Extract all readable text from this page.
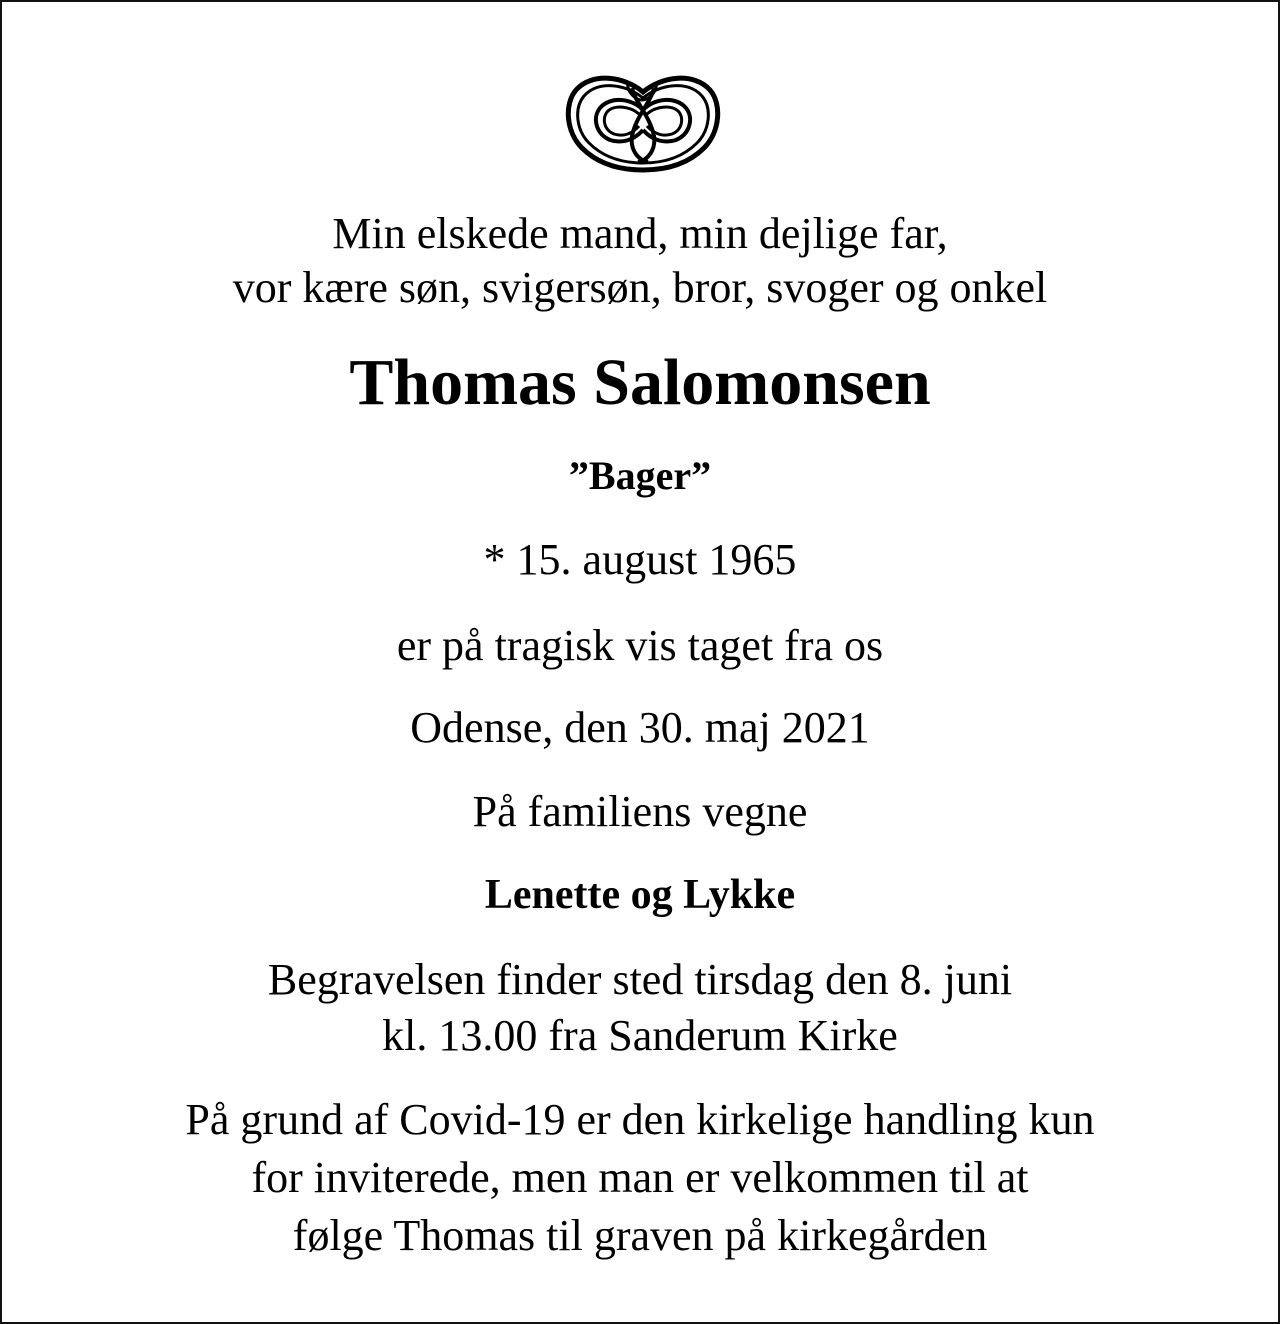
Min elskede mand, min dejlige far,
vor kære søn, svigersøn, bror, svoger og onkel
Thomas Salomonsen
”Bager”
* 15. august 1965
er på tragisk vis taget fra os
Odense, den 30. maj 2021
På familiens vegne
Lenette og Lykke
Begravelsen finder sted tirsdag den 8. juni
kl. 13.00 fra Sanderum Kirke
På grund af Covid-19 er den kirkelige handling kun
for inviterede, men man er velkommen til at
følge Thomas til graven på kirkegården
